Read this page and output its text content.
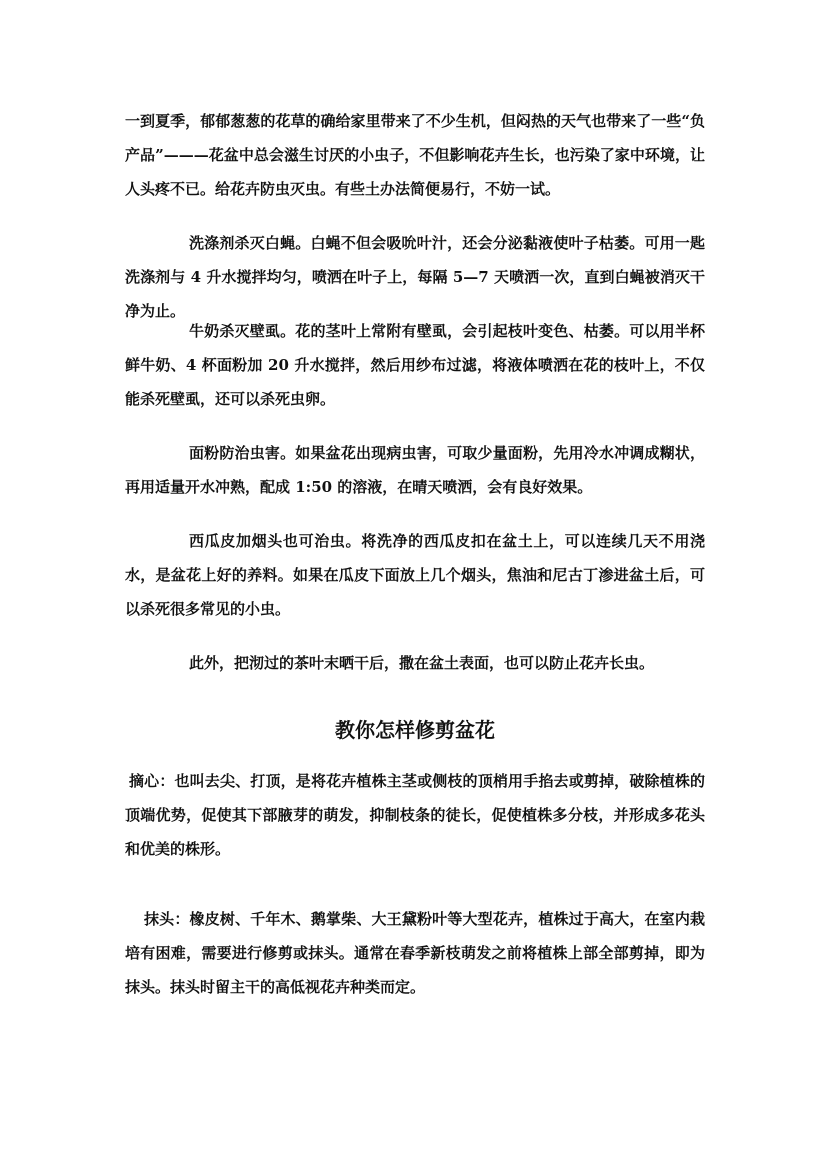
一到夏季，郁郁葱葱的花草的确给家里带来了不少生机，但闷热的天气也带来了一些“负产品”———花盆中总会滋生讨厌的小虫子，不但影响花卉生长，也污染了家中环境，让人头疼不已。给花卉防虫灭虫。有些土办法简便易行，不妨一试。

洗涤剂杀灭白蝇。白蝇不但会吸吮叶汁，还会分泌黏液使叶子枯萎。可用一匙洗涤剂与 4 升水搅拌均匀，喷洒在叶子上，每隔 5—7 天喷洒一次，直到白蝇被消灭干净为止。

牛奶杀灭壁虱。花的茎叶上常附有壁虱，会引起枝叶变色、枯萎。可以用半杯鲜牛奶、4 杯面粉加 20 升水搅拌，然后用纱布过滤，将液体喷洒在花的枝叶上，不仅能杀死壁虱，还可以杀死虫卵。

面粉防治虫害。如果盆花出现病虫害，可取少量面粉，先用冷水冲调成糊状，再用适量开水冲熟，配成 1:50 的溶液，在晴天喷洒，会有良好效果。

西瓜皮加烟头也可治虫。将洗净的西瓜皮扣在盆土上，可以连续几天不用浇水，是盆花上好的养料。如果在瓜皮下面放上几个烟头，焦油和尼古丁渗进盆土后，可以杀死很多常见的小虫。

此外，把沏过的茶叶末晒干后，撒在盆土表面，也可以防止花卉长虫。

教你怎样修剪盆花

摘心：也叫去尖、打顶，是将花卉植株主茎或侧枝的顶梢用手掐去或剪掉，破除植株的顶端优势，促使其下部腋芽的萌发，抑制枝条的徒长，促使植株多分枝，并形成多花头和优美的株形。

抹头：橡皮树、千年木、鹅掌柴、大王黛粉叶等大型花卉，植株过于高大，在室内栽培有困难，需要进行修剪或抹头。通常在春季新枝萌发之前将植株上部全部剪掉，即为抹头。抹头时留主干的高低视花卉种类而定。
